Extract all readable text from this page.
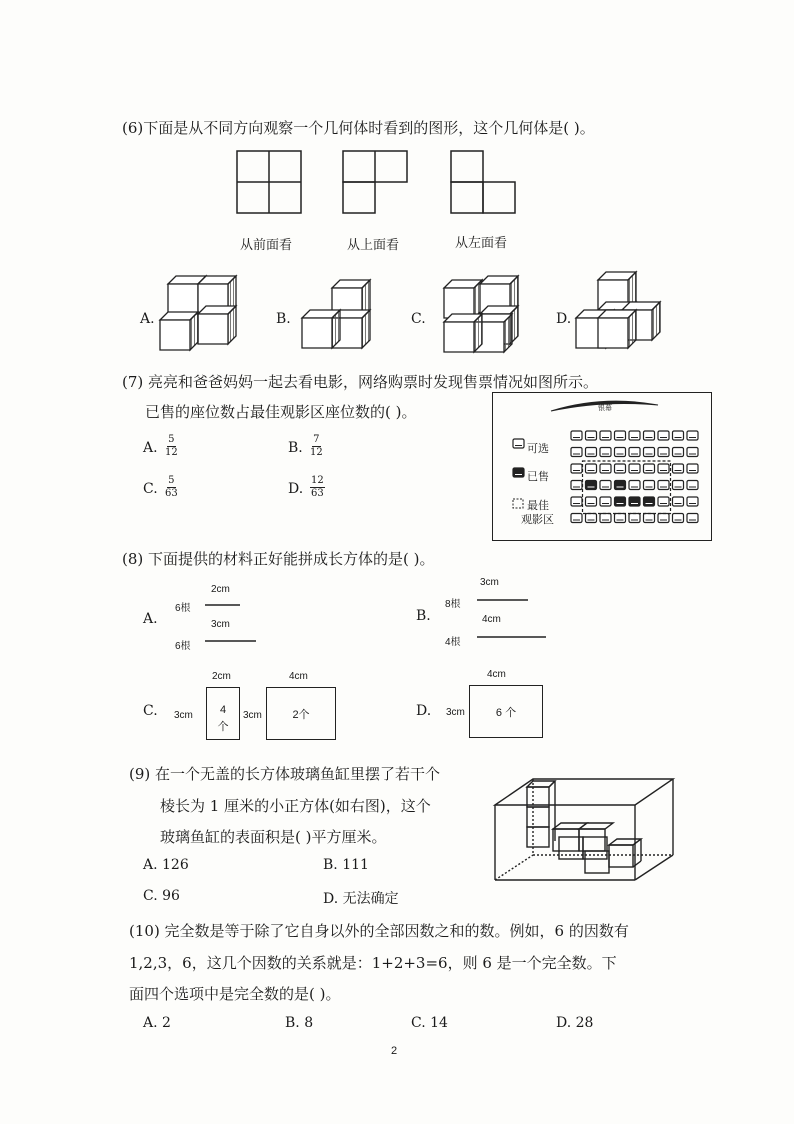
(6)下面是从不同方向观察一个几何体时看到的图形，这个几何体是( )。
从前面看	从上面看	从左面看
A.	B.	C.	D.
(7) 亮亮和爸爸妈妈一起去看电影，网络购票时发现售票情况如图所示。
已售的座位数占最佳观影区座位数的( )。
A. $\frac{5}{12}$	B. $\frac{7}{12}$
C. $\frac{5}{63}$	D. $\frac{12}{63}$
银幕
可选
已售
最佳
观影区
(8) 下面提供的材料正好能拼成长方体的是( )。
A.
2cm
6根
3cm
6根
B.
3cm
8根
4cm
4根
C.
2cm
3cm	4
个
3cm
4cm
2个	D.
4cm
3cm	6 个
(9) 在一个无盖的长方体玻璃鱼缸里摆了若干个
棱长为 1 厘米的小正方体(如右图)，这个
玻璃鱼缸的表面积是( )平方厘米。
A. 126	B. 111
C. 96	D. 无法确定
(10) 完全数是等于除了它自身以外的全部因数之和的数。例如，6 的因数有
1,2,3，6，这几个因数的关系就是：1+2+3=6，则 6 是一个完全数。下
面四个选项中是完全数的是( )。
A. 2	B. 8	C. 14	D. 28
2
